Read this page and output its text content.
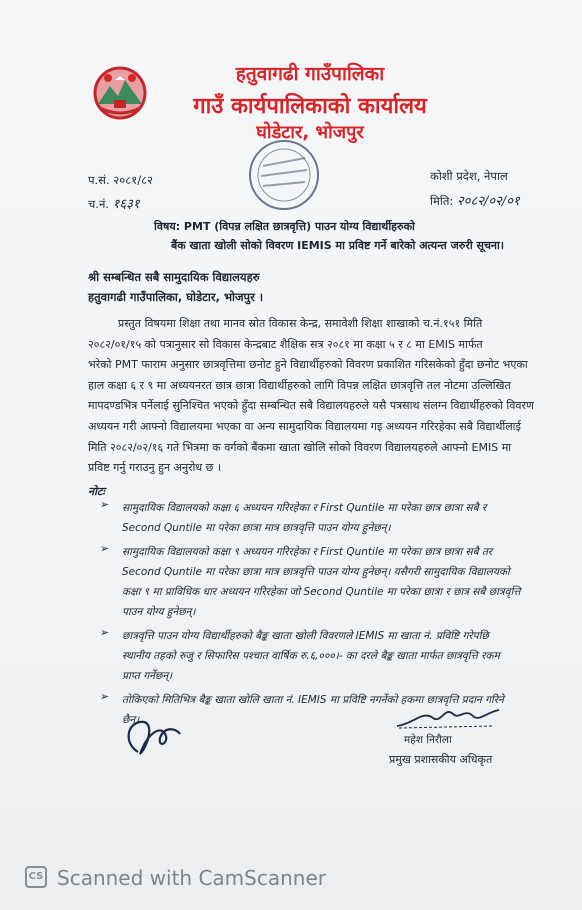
हतुवागढी गाउँपालिका
गाउँ कार्यपालिकाको कार्यालय
घोडेटार, भोजपुर
प.सं. २०८१/८२
च.नं. १६३१
कोशी प्रदेश, नेपाल
मिति: २०८२/०२/०१
विषय: PMT (विपन्न लक्षित छात्रवृत्ति) पाउन योग्य विद्यार्थीहरुको
बैंक खाता खोली सोको विवरण IEMIS मा प्रविष्ट गर्ने बारेको अत्यन्त जरुरी सूचना।
श्री सम्बन्धित सबै सामुदायिक विद्यालयहरु
हतुवागढी गाउँपालिका, घोडेटार, भोजपुर ।
प्रस्तुत विषयमा शिक्षा तथा मानव स्रोत विकास केन्द्र, समावेशी शिक्षा शाखाको च.नं.१५१ मिति
२०८२/०१/१५ को पत्रानुसार सो विकास केन्द्रबाट शैक्षिक सत्र २०८१ मा कक्षा ५ र ८ मा EMIS मार्फत
भरेको PMT फाराम अनुसार छात्रवृत्तिमा छनोट हुने विद्यार्थीहरुको विवरण प्रकाशित गरिसकेको हुँदा छनोट भएका
हाल कक्षा ६ र ९ मा अध्ययनरत छात्र छात्रा विद्यार्थीहरुको लागि विपन्न लक्षित छात्रवृत्ति तल नोटमा उल्लिखित
मापदण्डभित्र पर्नेलाई सुनिश्चित भएको हुँदा सम्बन्धित सबै विद्यालयहरुले यसै पत्रसाथ संलग्न विद्यार्थीहरुको विवरण
अध्ययन गरी आफ्नो विद्यालयमा भएका वा अन्य सामुदायिक विद्यालयमा गइ अध्ययन गरिरहेका सबै विद्यार्थीलाई
मिति २०८२/०२/१६ गते भित्रमा क वर्गको बैंकमा खाता खोलि सोको विवरण विद्यालयहरुले आफ्नो EMIS मा
प्रविष्ट गर्नु गराउनु हुन अनुरोध छ ।
नोटः
➢ सामुदायिक विद्यालयको कक्षा ६ अध्ययन गरिरहेका र First Quntile मा परेका छात्र छात्रा सबै र
Second Quntile मा परेका छात्रा मात्र छात्रवृत्ति पाउन योग्य हुनेछन्।
➢ सामुदायिक विद्यालयको कक्षा ९ अध्ययन गरिरहेका र First Quntile मा परेका छात्र छात्रा सबै तर
Second Quntile मा परेका छात्रा मात्र छात्रवृत्ति पाउन योग्य हुनेछन्। यसैगरी सामुदायिक विद्यालयको
कक्षा ९ मा प्राविधिक धार अध्ययन गरिरहेका जो Second Quntile मा परेका छात्रा र छात्र सबै छात्रवृत्ति
पाउन योग्य हुनेछन्।
➢ छात्रवृत्ति पाउन योग्य विद्यार्थीहरुको बैङ्क खाता खोली विवरणले IEMIS मा खाता नं. प्रविष्टि गरेपछि
स्थानीय तहको रुजु र सिफारिस पश्चात वार्षिक रु.६,०००।- का दरले बैङ्क खाता मार्फत छात्रवृत्ति रकम
प्राप्त गर्नेछन्।
➢ तोकिएको मितिभित्र बैङ्क खाता खोलि खाता नं. IEMIS मा प्रविष्टि नगर्नेको हकमा छात्रवृत्ति प्रदान गरिने
छैन।
महेश निरौला
प्रमुख प्रशासकीय अधिकृत
CS Scanned with CamScanner
